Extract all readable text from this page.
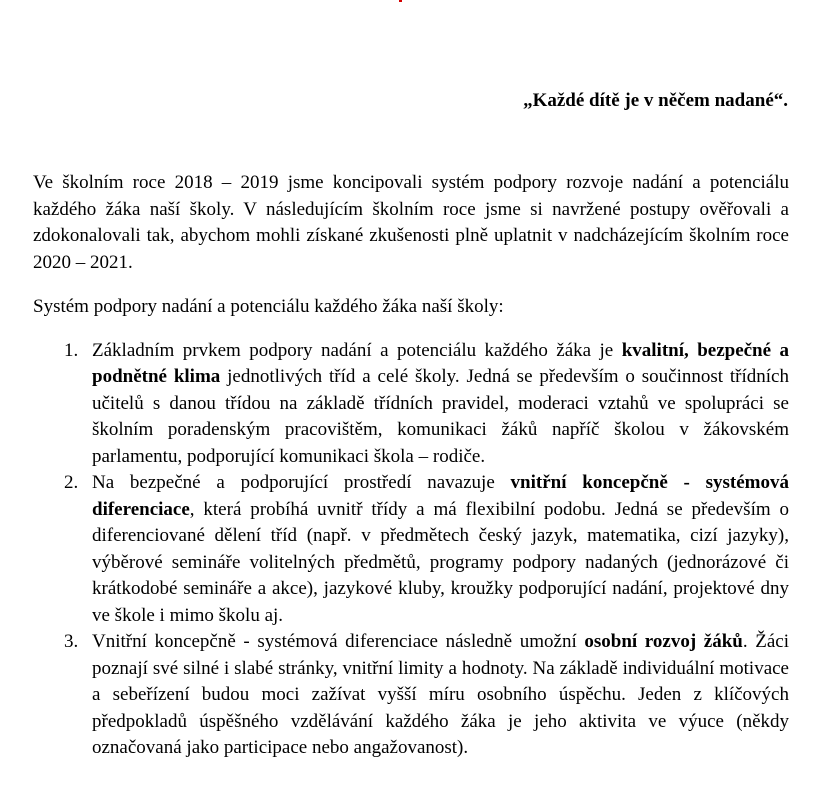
„Každé dítě je v něčem nadané“.

Ve školním roce 2018 – 2019 jsme koncipovali systém podpory rozvoje nadání a potenciálu každého žáka naší školy. V následujícím školním roce jsme si navržené postupy ověřovali a zdokonalovali tak, abychom mohli získané zkušenosti plně uplatnit v nadcházejícím školním roce 2020 – 2021.

Systém podpory nadání a potenciálu každého žáka naší školy:

1. Základním prvkem podpory nadání a potenciálu každého žáka je kvalitní, bezpečné a podnětné klima jednotlivých tříd a celé školy. Jedná se především o součinnost třídních učitelů s danou třídou na základě třídních pravidel, moderaci vztahů ve spolupráci se školním poradenským pracovištěm, komunikaci žáků napříč školou v žákovském parlamentu, podporující komunikaci škola – rodiče.
2. Na bezpečné a podporující prostředí navazuje vnitřní koncepčně - systémová diferenciace, která probíhá uvnitř třídy a má flexibilní podobu. Jedná se především o diferenciované dělení tříd (např. v předmětech český jazyk, matematika, cizí jazyky), výběrové semináře volitelných předmětů, programy podpory nadaných (jednorázové či krátkodobé semináře a akce), jazykové kluby, kroužky podporující nadání, projektové dny ve škole i mimo školu aj.
3. Vnitřní koncepčně - systémová diferenciace následně umožní osobní rozvoj žáků. Žáci poznají své silné i slabé stránky, vnitřní limity a hodnoty. Na základě individuální motivace a sebeřízení budou moci zažívat vyšší míru osobního úspěchu. Jeden z klíčových předpokladů úspěšného vzdělávání každého žáka je jeho aktivita ve výuce (někdy označovaná jako participace nebo angažovanost).
